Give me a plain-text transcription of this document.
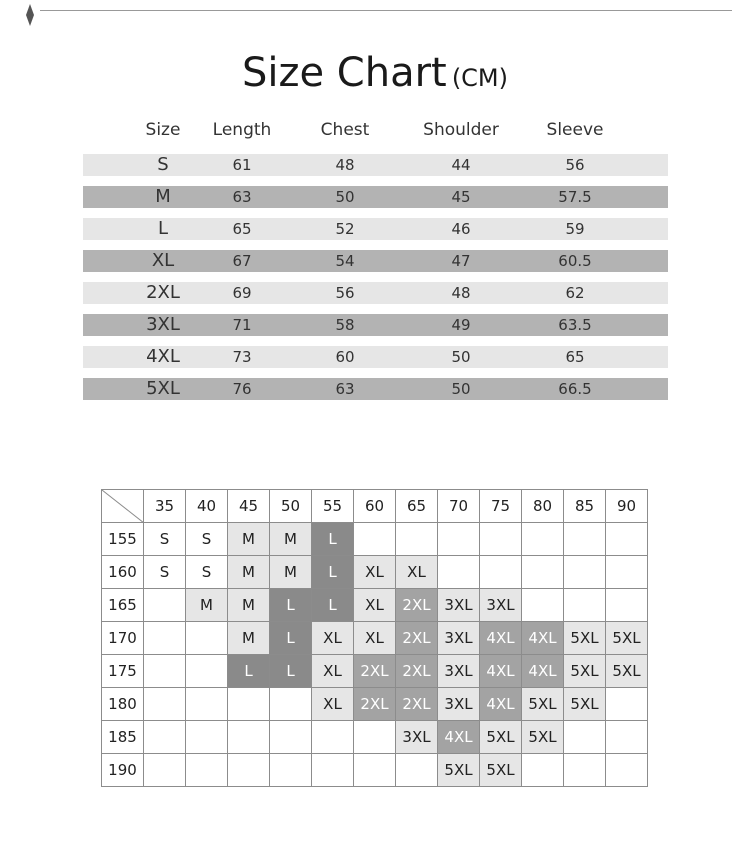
Size Chart (CM)
Size Length	Chest	Shoulder	Sleeve
S	61	48	44	56
M	63	50	45	57.5
L	65	52	46	59
XL	67	54	47	60.5
2XL	69	56	48	62
3XL	71	58	49	63.5
4XL	73	60	50	65
5XL	76	63	50	66.5
	35	40	45	50	55	60	65	70	75	80	85	90
155	S	S	M	M	L							
160	S	S	M	M	L	XL	XL					
165		M	M	L	L	XL	2XL	3XL	3XL			
170			M	L	XL	XL	2XL	3XL	4XL	4XL	5XL	5XL
175			L	L	XL	2XL	2XL	3XL	4XL	4XL	5XL	5XL
180					XL	2XL	2XL	3XL	4XL	5XL	5XL	
185							3XL	4XL	5XL	5XL		
190								5XL	5XL			
